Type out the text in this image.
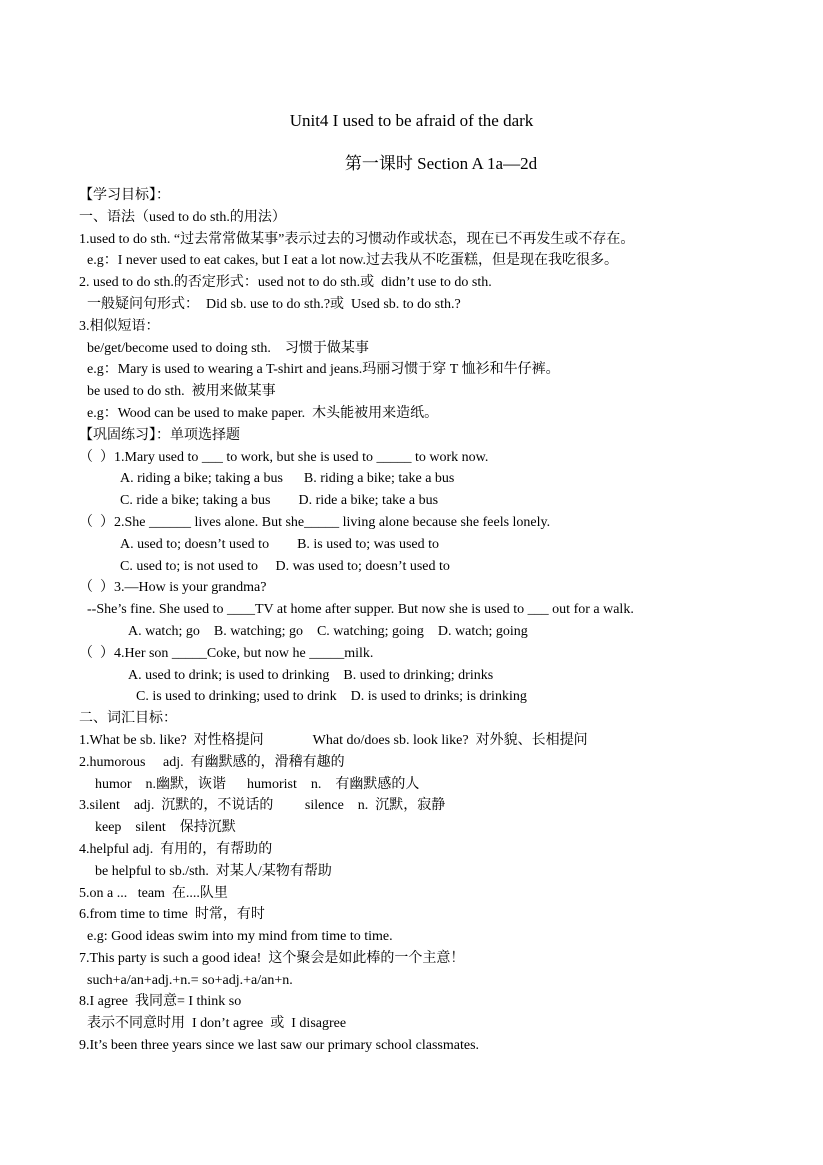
Unit4 I used to be afraid of the dark
第一课时 Section A 1a—2d
【学习目标】：
一、语法（used to do sth.的用法）
1.used to do sth. “过去常常做某事”表示过去的习惯动作或状态，现在已不再发生或不存在。
e.g：I never used to eat cakes, but I eat a lot now.过去我从不吃蛋糕，但是现在我吃很多。
2. used to do sth.的否定形式：used not to do sth.或  didn’t use to do sth.
一般疑问句形式：  Did sb. use to do sth.?或  Used sb. to do sth.?
3.相似短语：
be/get/become used to doing sth.    习惯于做某事
e.g：Mary is used to wearing a T-shirt and jeans.玛丽习惯于穿 T 恤衫和牛仔裤。
be used to do sth.  被用来做某事
e.g：Wood can be used to make paper.  木头能被用来造纸。
【巩固练习】：单项选择题
（  ）1.Mary used to ___ to work, but she is used to _____ to work now.
A. riding a bike; taking a bus      B. riding a bike; take a bus
C. ride a bike; taking a bus        D. ride a bike; take a bus
（  ）2.She ______ lives alone. But she_____ living alone because she feels lonely.
A. used to; doesn’t used to        B. is used to; was used to
C. used to; is not used to     D. was used to; doesn’t used to
（  ）3.—How is your grandma?
--She’s fine. She used to ____TV at home after supper. But now she is used to ___ out for a walk.
A. watch; go    B. watching; go    C. watching; going    D. watch; going
（  ）4.Her son _____Coke, but now he _____milk.
A. used to drink; is used to drinking    B. used to drinking; drinks
C. is used to drinking; used to drink    D. is used to drinks; is drinking
二、词汇目标：
1.What be sb. like?  对性格提问              What do/does sb. look like?  对外貌、长相提问
2.humorous     adj.  有幽默感的，滑稽有趣的
humor    n.幽默，诙谐      humorist    n.    有幽默感的人
3.silent    adj.  沉默的，不说话的         silence    n.  沉默，寂静
keep    silent    保持沉默
4.helpful adj.  有用的，有帮助的
be helpful to sb./sth.  对某人/某物有帮助
5.on a ...   team  在....队里
6.from time to time  时常，有时
e.g: Good ideas swim into my mind from time to time.
7.This party is such a good idea!  这个聚会是如此棒的一个主意！
such+a/an+adj.+n.= so+adj.+a/an+n.
8.I agree  我同意= I think so
表示不同意时用  I don’t agree  或  I disagree
9.It’s been three years since we last saw our primary school classmates.
